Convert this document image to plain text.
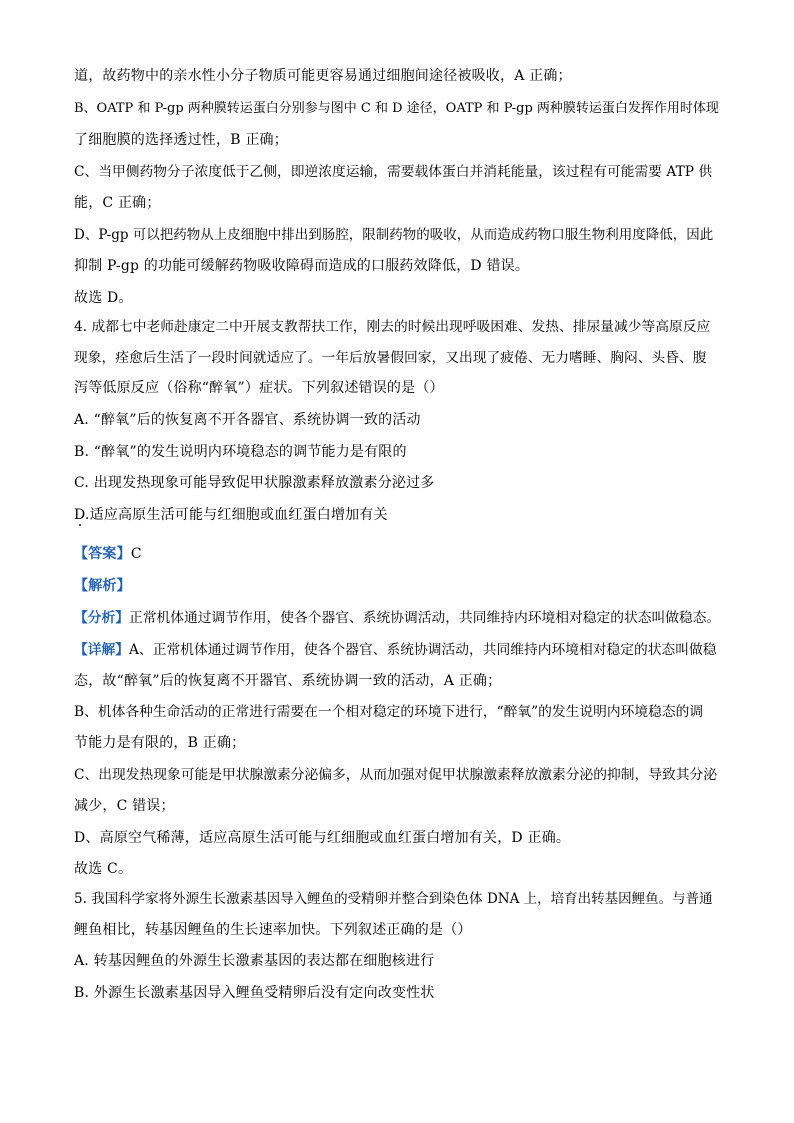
道，故药物中的亲水性小分子物质可能更容易通过细胞间途径被吸收，A 正确；
B、OATP 和 P-gp 两种膜转运蛋白分别参与图中 C 和 D 途径，OATP 和 P-gp 两种膜转运蛋白发挥作用时体现
了细胞膜的选择透过性，B 正确；
C、当甲侧药物分子浓度低于乙侧，即逆浓度运输，需要载体蛋白并消耗能量，该过程有可能需要 ATP 供
能，C 正确；
D、P-gp 可以把药物从上皮细胞中排出到肠腔，限制药物的吸收，从而造成药物口服生物利用度降低，因此
抑制 P-gp 的功能可缓解药物吸收障碍而造成的口服药效降低，D 错误。
故选 D。
4. 成都七中老师赴康定二中开展支教帮扶工作，刚去的时候出现呼吸困难、发热、排尿量减少等高原反应
现象，痊愈后生活了一段时间就适应了。一年后放暑假回家，又出现了疲倦、无力嗜睡、胸闷、头昏、腹
泻等低原反应（俗称“醉氧”）症状。下列叙述错误的是（）
A. “醉氧”后的恢复离不开各器官、系统协调一致的活动
B. “醉氧”的发生说明内环境稳态的调节能力是有限的
C. 出现发热现象可能导致促甲状腺激素释放激素分泌过多
D.适应高原生活可能与红细胞或血红蛋白增加有关
【答案】C
【解析】
【分析】正常机体通过调节作用，使各个器官、系统协调活动，共同维持内环境相对稳定的状态叫做稳态。
【详解】A、正常机体通过调节作用，使各个器官、系统协调活动，共同维持内环境相对稳定的状态叫做稳
态，故“醉氧”后的恢复离不开器官、系统协调一致的活动，A 正确；
B、机体各种生命活动的正常进行需要在一个相对稳定的环境下进行，“醉氧”的发生说明内环境稳态的调
节能力是有限的，B 正确；
C、出现发热现象可能是甲状腺激素分泌偏多，从而加强对促甲状腺激素释放激素分泌的抑制，导致其分泌
减少，C 错误；
D、高原空气稀薄，适应高原生活可能与红细胞或血红蛋白增加有关，D 正确。
故选 C。
5. 我国科学家将外源生长激素基因导入鲤鱼的受精卵并整合到染色体 DNA 上，培育出转基因鲤鱼。与普通
鲤鱼相比，转基因鲤鱼的生长速率加快。下列叙述正确的是（）
A. 转基因鲤鱼的外源生长激素基因的表达都在细胞核进行
B. 外源生长激素基因导入鲤鱼受精卵后没有定向改变性状
